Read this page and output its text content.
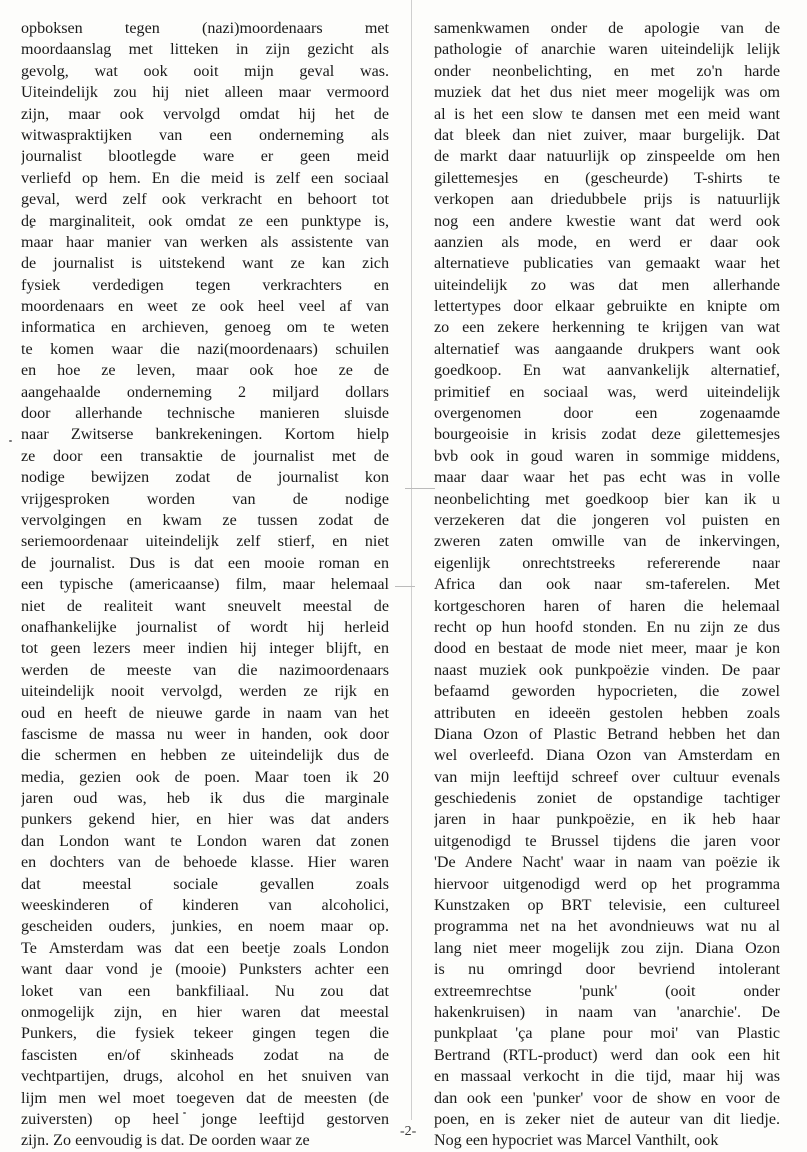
opboksen tegen (nazi)moordenaars met
moordaanslag met litteken in zijn gezicht als
gevolg, wat ook ooit mijn geval was.
Uiteindelijk zou hij niet alleen maar vermoord
zijn, maar ook vervolgd omdat hij het de
witwaspraktijken van een onderneming als
journalist blootlegde ware er geen meid
verliefd op hem. En die meid is zelf een sociaal
geval, werd zelf ook verkracht en behoort tot
de marginaliteit, ook omdat ze een punktype is,
maar haar manier van werken als assistente van
de journalist is uitstekend want ze kan zich
fysiek verdedigen tegen verkrachters en
moordenaars en weet ze ook heel veel af van
informatica en archieven, genoeg om te weten
te komen waar die nazi(moordenaars) schuilen
en hoe ze leven, maar ook hoe ze de
aangehaalde onderneming 2 miljard dollars
door allerhande technische manieren sluisde
naar Zwitserse bankrekeningen. Kortom hielp
ze door een transaktie de journalist met de
nodige bewijzen zodat de journalist kon
vrijgesproken worden van de nodige
vervolgingen en kwam ze tussen zodat de
seriemoordenaar uiteindelijk zelf stierf, en niet
de journalist. Dus is dat een mooie roman en
een typische (americaanse) film, maar helemaal
niet de realiteit want sneuvelt meestal de
onafhankelijke journalist of wordt hij herleid
tot geen lezers meer indien hij integer blijft, en
werden de meeste van die nazimoordenaars
uiteindelijk nooit vervolgd, werden ze rijk en
oud en heeft de nieuwe garde in naam van het
fascisme de massa nu weer in handen, ook door
die schermen en hebben ze uiteindelijk dus de
media, gezien ook de poen. Maar toen ik 20
jaren oud was, heb ik dus die marginale
punkers gekend hier, en hier was dat anders
dan London want te London waren dat zonen
en dochters van de behoede klasse. Hier waren
dat meestal sociale gevallen zoals
weeskinderen of kinderen van alcoholici,
gescheiden ouders, junkies, en noem maar op.
Te Amsterdam was dat een beetje zoals London
want daar vond je (mooie) Punksters achter een
loket van een bankfiliaal. Nu zou dat
onmogelijk zijn, en hier waren dat meestal
Punkers, die fysiek tekeer gingen tegen die
fascisten en/of skinheads zodat na de
vechtpartijen, drugs, alcohol en het snuiven van
lijm men wel moet toegeven dat de meesten (de
zuiversten) op heel jonge leeftijd gestorven
zijn. Zo eenvoudig is dat. De oorden waar ze
samenkwamen onder de apologie van de
pathologie of anarchie waren uiteindelijk lelijk
onder neonbelichting, en met zo'n harde
muziek dat het dus niet meer mogelijk was om
al is het een slow te dansen met een meid want
dat bleek dan niet zuiver, maar burgelijk. Dat
de markt daar natuurlijk op zinspeelde om hen
gilettemesjes en (gescheurde) T-shirts te
verkopen aan driedubbele prijs is natuurlijk
nog een andere kwestie want dat werd ook
aanzien als mode, en werd er daar ook
alternatieve publicaties van gemaakt waar het
uiteindelijk zo was dat men allerhande
lettertypes door elkaar gebruikte en knipte om
zo een zekere herkenning te krijgen van wat
alternatief was aangaande drukpers want ook
goedkoop. En wat aanvankelijk alternatief,
primitief en sociaal was, werd uiteindelijk
overgenomen door een zogenaamde
bourgeoisie in krisis zodat deze gilettemesjes
bvb ook in goud waren in sommige middens,
maar daar waar het pas echt was in volle
neonbelichting met goedkoop bier kan ik u
verzekeren dat die jongeren vol puisten en
zweren zaten omwille van de inkervingen,
eigenlijk onrechtstreeks refererende naar
Africa dan ook naar sm-taferelen. Met
kortgeschoren haren of haren die helemaal
recht op hun hoofd stonden. En nu zijn ze dus
dood en bestaat de mode niet meer, maar je kon
naast muziek ook punkpoëzie vinden. De paar
befaamd geworden hypocrieten, die zowel
attributen en ideeën gestolen hebben zoals
Diana Ozon of Plastic Betrand hebben het dan
wel overleefd. Diana Ozon van Amsterdam en
van mijn leeftijd schreef over cultuur evenals
geschiedenis zoniet de opstandige tachtiger
jaren in haar punkpoëzie, en ik heb haar
uitgenodigd te Brussel tijdens die jaren voor
'De Andere Nacht' waar in naam van poëzie ik
hiervoor uitgenodigd werd op het programma
Kunstzaken op BRT televisie, een cultureel
programma net na het avondnieuws wat nu al
lang niet meer mogelijk zou zijn. Diana Ozon
is nu omringd door bevriend intolerant
extreemrechtse 'punk' (ooit onder
hakenkruisen) in naam van 'anarchie'. De
punkplaat 'ça plane pour moi' van Plastic
Bertrand (RTL-product) werd dan ook een hit
en massaal verkocht in die tijd, maar hij was
dan ook een 'punker' voor de show en voor de
poen, en is zeker niet de auteur van dit liedje.
Nog een hypocriet was Marcel Vanthilt, ook
-2-
